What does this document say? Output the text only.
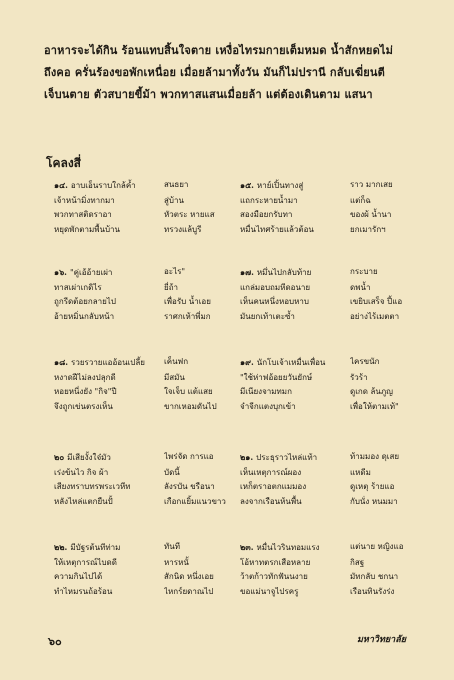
อาหารจะได้กิน ร้อนแทบสิ้นใจตาย เหงื่อไทรมกายเต็มหมด น้ำสักหยดไม่
ถึงคอ ครั่นร้องขอพักเหนื่อย เมื่อยล้ามาทั้งวัน มันก็ไม่ปรานี กลับเฆี่ยนตี
เจ็บนตาย ตัวสบายขี้ม้า พวกทาสแสนเมื่อยล้า แต่ต้องเดินตาม แสนา
โคลงสี่
๑๔. อาบเอ็นราบใกล้ค้ำ	สนธยา
เจ้าหน้ามิ่งทากมา	สู่บ้าน
พวกทาสติดราอา	หัวตระ หายแส
หยุดพักตามพื้นบ้าน	ทรวงแล้บูรี
๑๕. หาย์เปิ้นทางสู่	ราว มากเสย
แถกระหายน้ำมา	แต่ก็ฉ
สองมือยกรับทา	ของผ้ น้ำนา
หมื่นไทศร้ายแล้วต้อน	ยกเมารักฯ
๑๖. "คู่เอ้อ้ายเผ่า	อะไร"
ทาสเผ่าเกดิไร	ยี่ถ้า
ถูกรีดต้อยกลายไป	เพื่อรับ น้ำเอย
อ้ายหมิ่นกลับหน้า	ราศกเห้าพี่มก
๑๗. หมึ่นไปกลับท้าย	กระบาย
แกล่มอบถมหีดอนาย	ดพน้ำ
เห็นคนหนึ่งหอบหาบ	เขยิบเสร็จ ปี้แอ
มันยกเท้าเตะซ้ำ	อย่างไร้เมตตา
๑๘. รวยรวายแออ้อนเปลี้ย	เค็นฟก
หงาดฝีไม่ลงปลุกดี	มีสมัน
หอยหนี่งยัง "กิจ"ปี	ใจเจ็บ แต้แสย
จึงถูกเข่นตรงเห็น	ขากเหอมดันไป
๑๙. นักโบเจ้าเหมื่นเพื่อน	ไครขนัก
"ใช้ห่าฟอ้อยยวันยักษ์	รัวร้า
มีเนียงจามทมก	ดูเกด ล้นภูญ
จำจีกแตงบุกเข้า	เพื่อให้ตามเท้"
๒๐ มีเสียงั้งใจ๋มัว	ไพร่จัด การแอ
เร่งข้นไว กิจ ผ้า	บัดนี้
เสียงทราบทรพระเวหีท	ลังรบัน ขรือนา
หลังไหล่แตกยืนปั้	เกือกแยิ้มแนวขาว
๒๑. ประธุราวไหล่แท้า	ท้ามมอง ดุเสย
เห็นเหตุการณ์ผอง	แหดีม
เหก็ตราอตกแมมอง	ดูเหตุ ร้ายแอ
ลงจากเรือนห้นพื้น	กับนั่ง หนมมา
๒๒. มีบัฐรต้นทีท่าม	ทันที
ให้เหตุการณ์ไบดดี	หารหนั้
ความกินไปได้	สักนิด หนึ่งเอย
ทำไหมรนถ้อร้อน	ไหกร์ยดาณไป
๒๓. หมื่นไวรินทอมแรง	แต่นาย หญิงแอ
โอ้หาทตรกเสือหลาย	กิสฐ
ว้าตก้าวทักฟันนงาย	มัทกลับ ชกนา
ขอแม่นาจูไปรครู	เรือนทินรังร่ง
๖๐	มหาวิทยาลัย
